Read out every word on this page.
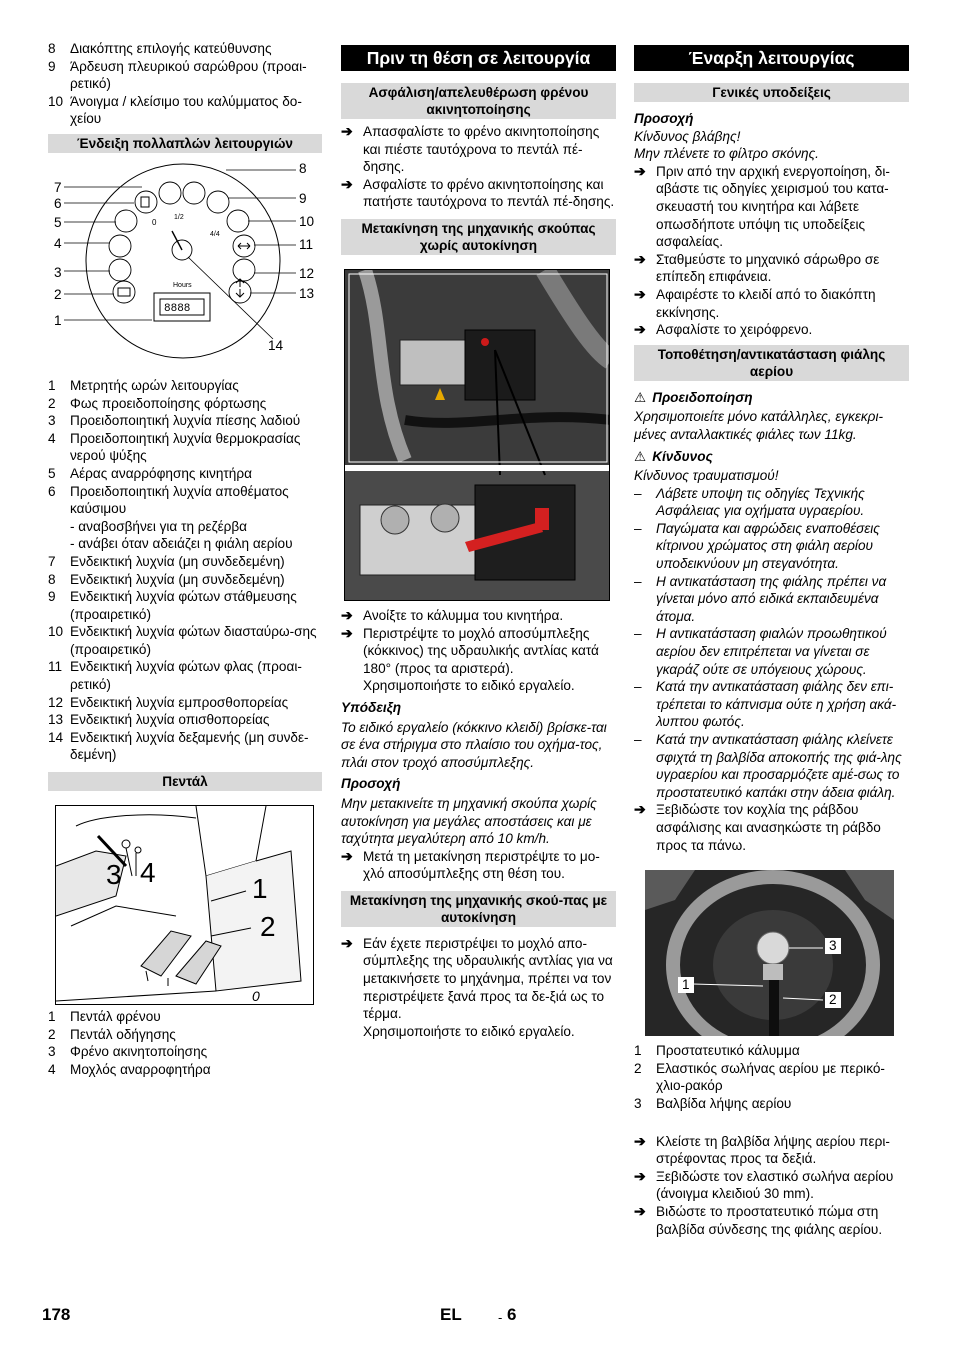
8	Διακόπτης επιλογής κατεύθυνσης
9	Άρδευση πλευρικού σαρώθρου (προαι-ρετικό)
10 Άνοιγμα / κλείσιμο του καλύμματος δο-χείου
Ένδειξη πολλαπλών λειτουργιών
0
1/2
4/4
Hours
8888
7
6
5
4
3
2
1
8
9
10
11
12
13
14
1	Μετρητής ωρών λειτουργίας
2	Φως προειδοποίησης φόρτωσης
3	Προειδοποιητική λυχνία πίεσης λαδιού
4	Προειδοποιητική λυχνία θερμοκρασίας νερού ψύξης
5	Αέρας αναρρόφησης κινητήρα
6	Προειδοποιητική λυχνία αποθέματος καύσιμου
- αναβοσβήνει για τη ρεζέρβα
- ανάβει όταν αδειάζει η φιάλη αερίου
7	Ενδεικτική λυχνία (μη συνδεδεμένη)
8	Ενδεικτική λυχνία (μη συνδεδεμένη)
9	Ενδεικτική λυχνία φώτων στάθμευσης (προαιρετικό)
10 Ενδεικτική λυχνία φώτων διασταύρω-σης (προαιρετικό)
11 Ενδεικτική λυχνία φώτων φλας (προαι-ρετικό)
12 Ενδεικτική λυχνία εμπροσθοπορείας
13 Ενδεικτική λυχνία οπισθοπορείας
14 Ενδεικτική λυχνία δεξαμενής (μη συνδε-δεμένη)
Πεντάλ
3 4
1
2
0
1	Πεντάλ φρένου
2	Πεντάλ οδήγησης
3	Φρένο ακινητοποίησης
4	Μοχλός αναρροφητήρα
Πριν τη θέση σε λειτουργία
Ασφάλιση/απελευθέρωση φρένου ακινητοποίησης
➔ Απασφαλίστε το φρένο ακινητοποίησης και πιέστε ταυτόχρονα το πεντάλ πέ-δησης.
➔ Ασφαλίστε το φρένο ακινητοποίησης και πατήστε ταυτόχρονα το πεντάλ πέ-δησης.
Μετακίνηση της μηχανικής σκούπας χωρίς αυτοκίνηση
➔ Ανοίξτε το κάλυμμα του κινητήρα.
➔ Περιστρέψτε το μοχλό αποσύμπλεξης (κόκκινος) της υδραυλικής αντλίας κατά 180° (προς τα αριστερά).
Χρησιμοποιήστε το ειδικό εργαλείο.
Υπόδειξη
Το ειδικό εργαλείο (κόκκινο κλειδί) βρίσκε-ται σε ένα στήριγμα στο πλαίσιο του οχήμα-τος, πλάι στον τροχό αποσύμπλεξης.
Προσοχή
Μην μετακινείτε τη μηχανική σκούπα χωρίς αυτοκίνηση για μεγάλες αποστάσεις και με ταχύτητα μεγαλύτερη από 10 km/h.
➔ Μετά τη μετακίνηση περιστρέψτε το μο-χλό αποσύμπλεξης στη θέση του.
Μετακίνηση της μηχανικής σκού-πας με αυτοκίνηση
➔ Εάν έχετε περιστρέψει το μοχλό απο-σύμπλεξης της υδραυλικής αντλίας για να μετακινήσετε το μηχάνημα, πρέπει να τον περιστρέψετε ξανά προς τα δε-ξιά ως το τέρμα.
Χρησιμοποιήστε το ειδικό εργαλείο.
Έναρξη λειτουργίας
Γενικές υποδείξεις
Προσοχή
Κίνδυνος βλάβης!
Μην πλένετε το φίλτρο σκόνης.
➔ Πριν από την αρχική ενεργοποίηση, δι-αβάστε τις οδηγίες χειρισμού του κατα-σκευαστή του κινητήρα και λάβετε οπωσδήποτε υπόψη τις υποδείξεις ασφαλείας.
➔ Σταθμεύστε το μηχανικό σάρωθρο σε επίπεδη επιφάνεια.
➔ Αφαιρέστε το κλειδί από το διακόπτη εκκίνησης.
➔ Ασφαλίστε το χειρόφρενο.
Τοποθέτηση/αντικατάσταση φιάλης αερίου
⚠ Προειδοποίηση
Χρησιμοποιείτε μόνο κατάλληλες, εγκεκρι-μένες ανταλλακτικές φιάλες των 11kg.
⚠ Κίνδυνος
Κίνδυνος τραυματισμού!
–	Λάβετε υποψη τις οδηγίες Τεχνικής Ασφάλειας για οχήματα υγραερίου.
–	Παγώματα και αφρώδεις εναποθέσεις κίτρινου χρώματος στη φιάλη αερίου υποδεικνύουν μη στεγανότητα.
–	Η αντικατάσταση της φιάλης πρέπει να γίνεται μόνο από ειδικά εκπαιδευμένα άτομα.
–	Η αντικατάσταση φιαλών προωθητικού αερίου δεν επιτρέπεται να γίνεται σε γκαράζ ούτε σε υπόγειους χώρους.
–	Κατά την αντικατάσταση φιάλης δεν επι-τρέπεται το κάπνισμα ούτε η χρήση ακά-λυπτου φωτός.
–	Κατά την αντικατάσταση φιάλης κλείνετε σφιχτά τη βαλβίδα αποκοπής της φιά-λης υγραερίου και προσαρμόζετε αμέ-σως το προστατευτικό καπάκι στην άδεια φιάλη.
➔ Ξεβιδώστε τον κοχλία της ράβδου ασφάλισης και ανασηκώστε τη ράβδο προς τα πάνω.
3
1
2
1	Προστατευτικό κάλυμμα
2	Ελαστικός σωλήνας αερίου με περικό-χλιο-ρακόρ
3	Βαλβίδα λήψης αερίου
➔ Κλείστε τη βαλβίδα λήψης αερίου περι-στρέφοντας προς τα δεξιά.
➔ Ξεβιδώστε τον ελαστικό σωλήνα αερίου (άνοιγμα κλειδιού 30 mm).
➔ Βιδώστε το προστατευτικό πώμα στη βαλβίδα σύνδεσης της φιάλης αερίου.
178	EL	- 6
